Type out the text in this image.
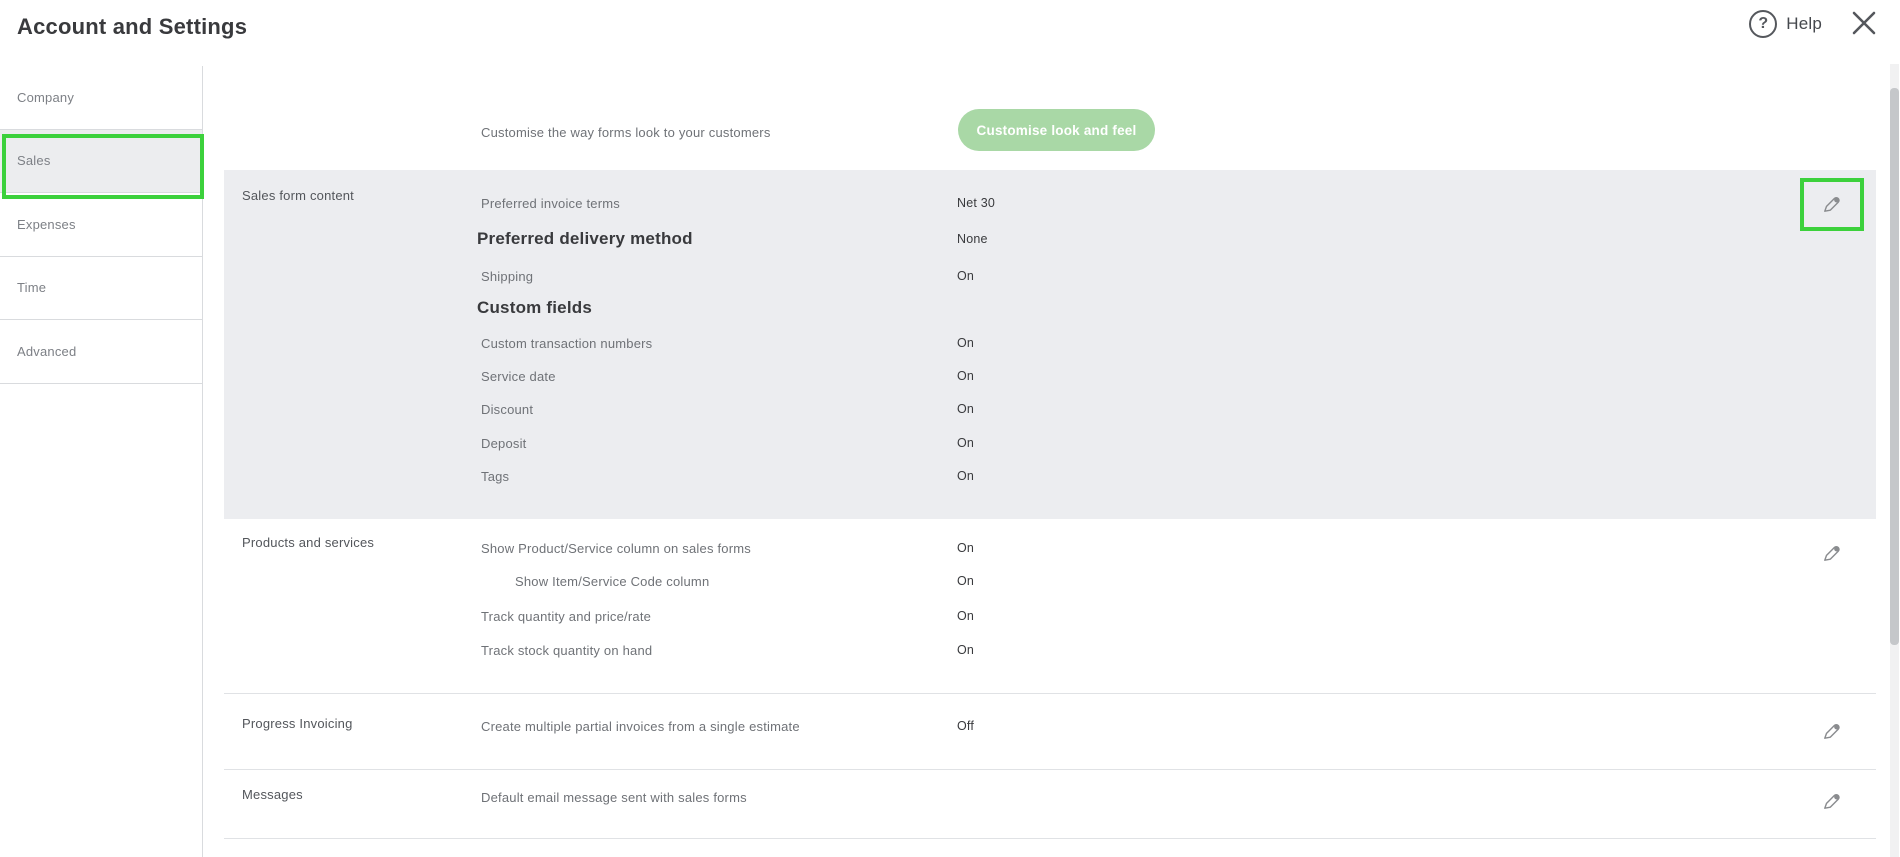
Account and Settings	?	Help
Company
Sales
Expenses
Time
Advanced
Customise the way forms look to your customers	Customise look and feel
Sales form content	Preferred invoice terms	Net 30
Preferred delivery method	None
Shipping	On
Custom fields
Custom transaction numbers	On
Service date	On
Discount	On
Deposit	On
Tags	On
Products and services	Show Product/Service column on sales forms	On
Show Item/Service Code column	On
Track quantity and price/rate	On
Track stock quantity on hand	On
Progress Invoicing	Create multiple partial invoices from a single estimate	Off
Messages	Default email message sent with sales forms
